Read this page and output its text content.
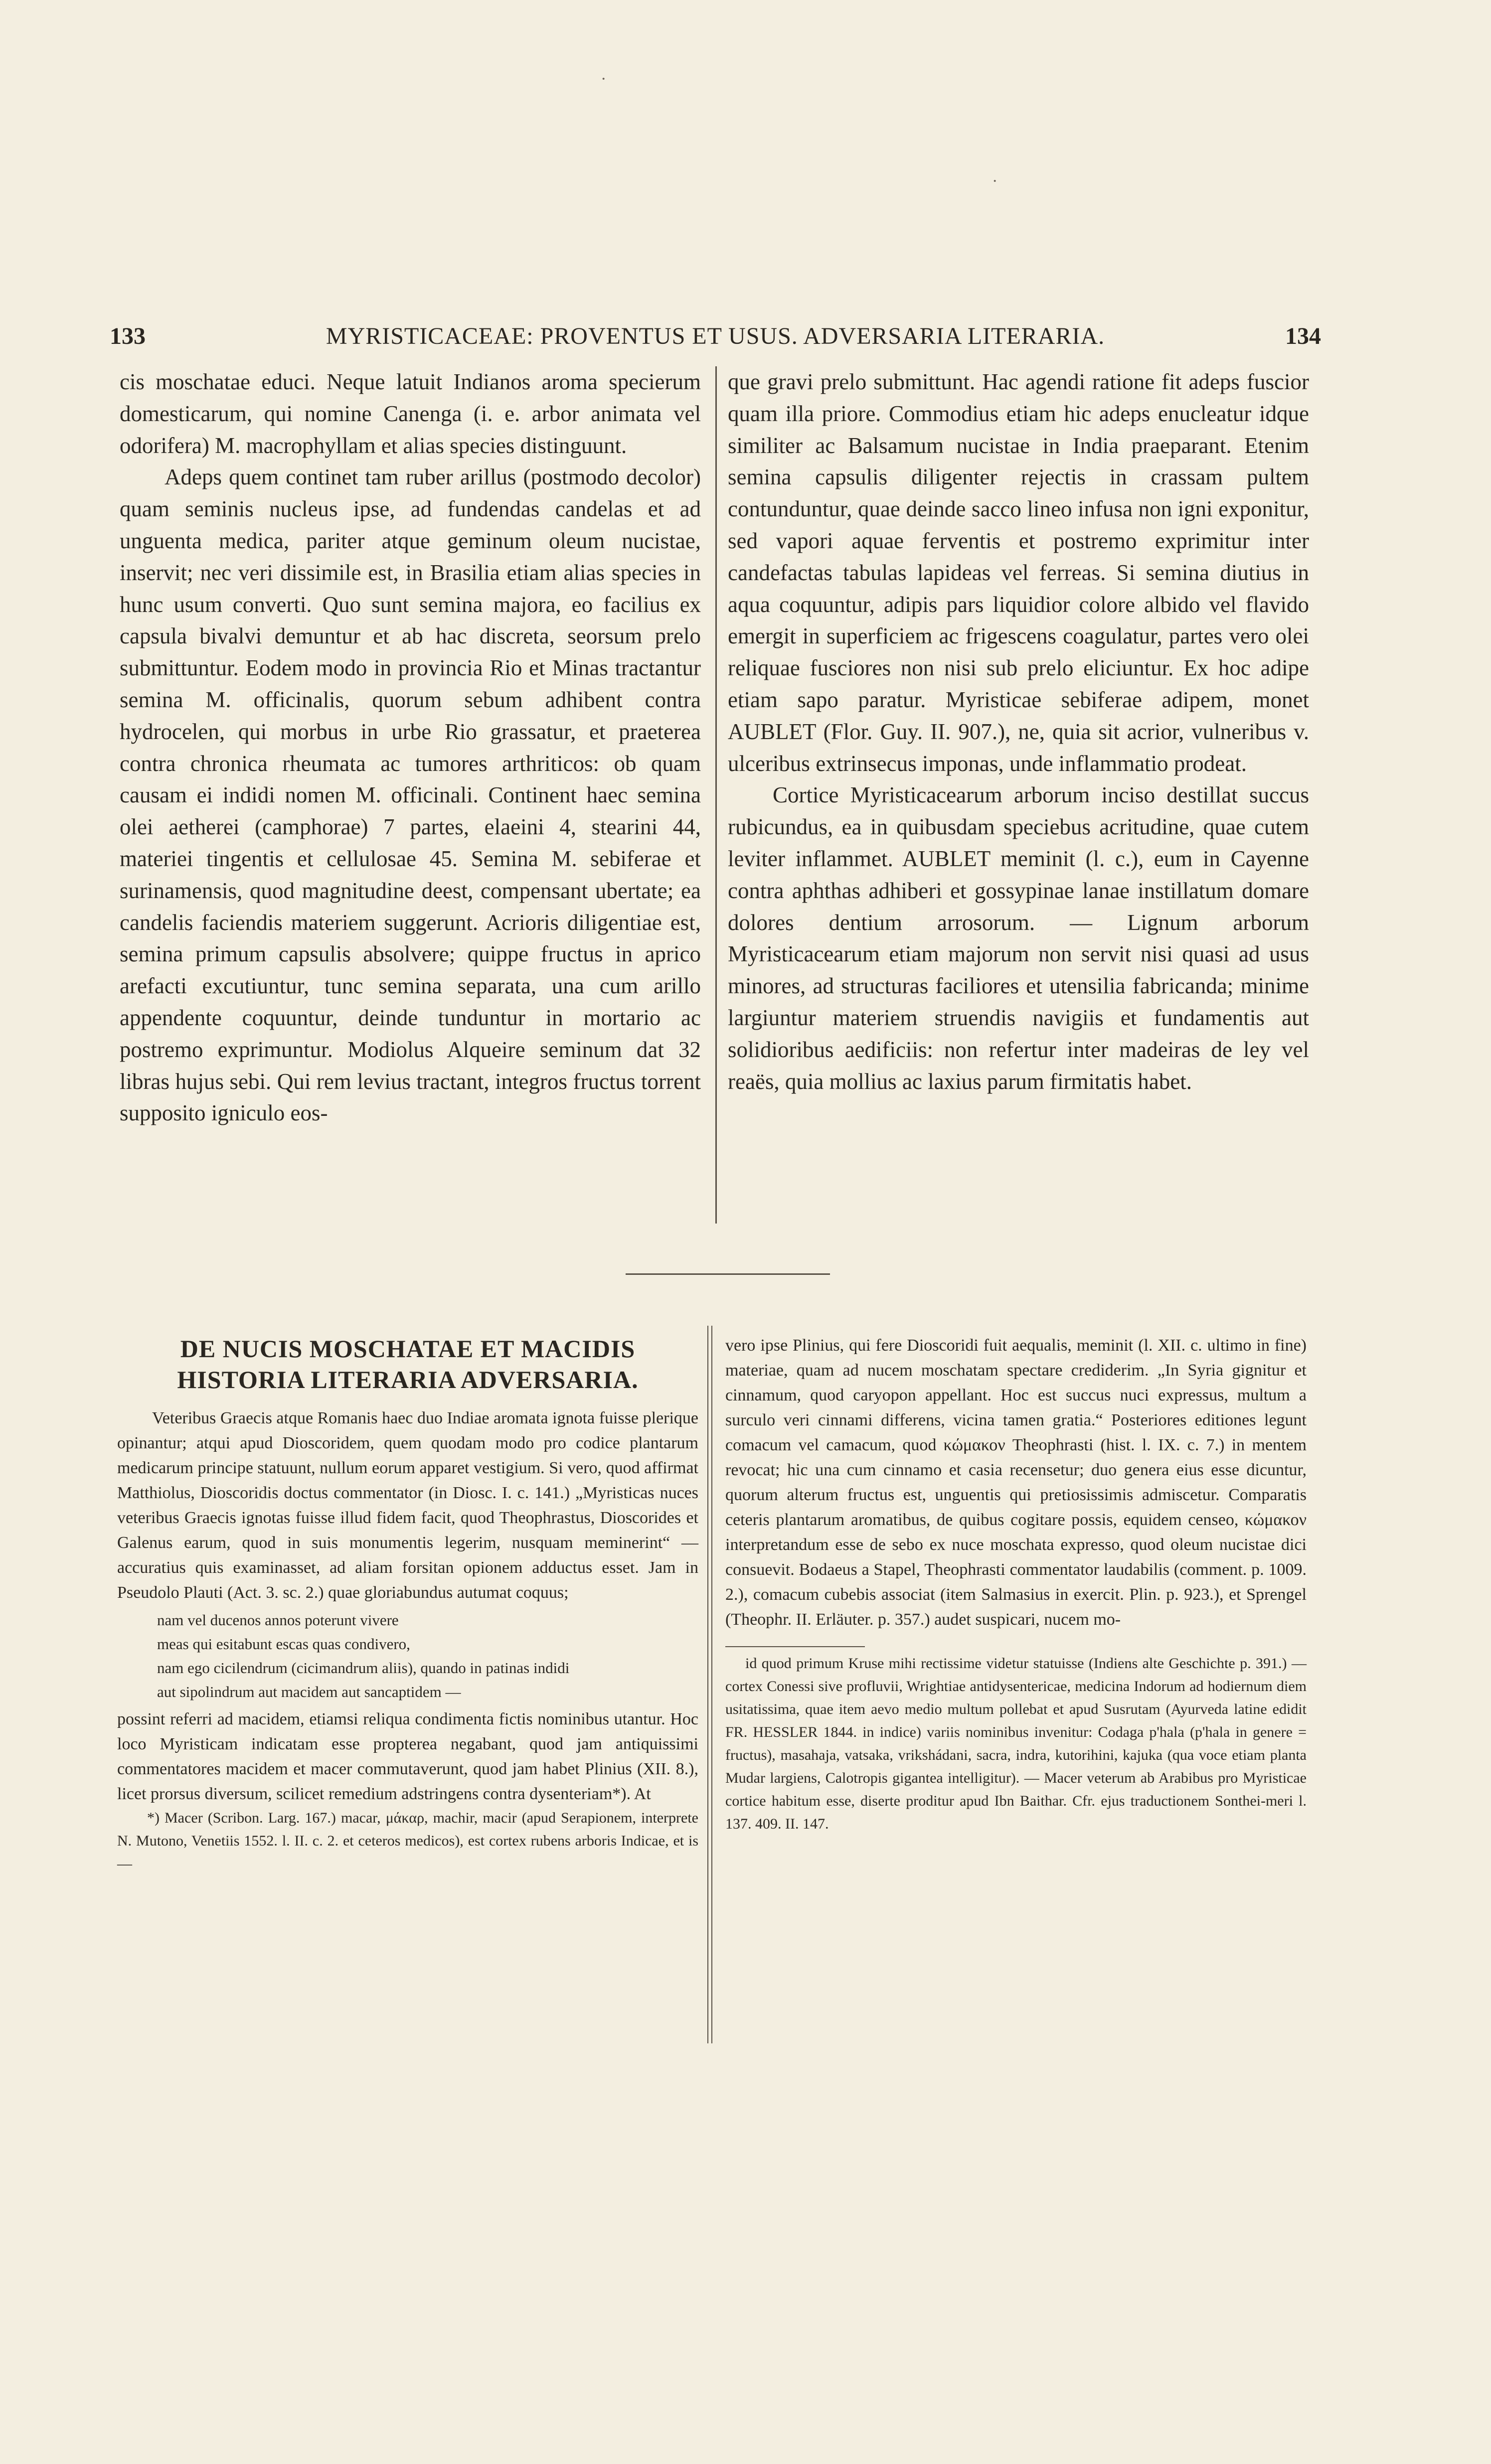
·
·
133	MYRISTICACEAE: PROVENTUS ET USUS. ADVERSARIA LITERARIA.	134

cis moschatae educi. Neque latuit Indianos aroma specierum domesticarum, qui nomine Canenga (i. e. arbor animata vel odorifera) M. macrophyllam et alias species distinguunt.

Adeps quem continet tam ruber arillus (postmodo decolor) quam seminis nucleus ipse, ad fundendas candelas et ad unguenta medica, pariter atque geminum oleum nucistae, inservit; nec veri dissimile est, in Brasilia etiam alias species in hunc usum converti. Quo sunt semina majora, eo facilius ex capsula bivalvi demuntur et ab hac discreta, seorsum prelo submittuntur. Eodem modo in provincia Rio et Minas tractantur semina M. officinalis, quorum sebum adhibent contra hydrocelen, qui morbus in urbe Rio grassatur, et praeterea contra chronica rheumata ac tumores arthriticos: ob quam causam ei indidi nomen M. officinali. Continent haec semina olei aetherei (camphorae) 7 partes, elaeini 4, stearini 44, materiei tingentis et cellulosae 45. Semina M. sebiferae et surinamensis, quod magnitudine deest, compensant ubertate; ea candelis faciendis materiem suggerunt. Acrioris diligentiae est, semina primum capsulis absolvere; quippe fructus in aprico arefacti excutiuntur, tunc semina separata, una cum arillo appendente coquuntur, deinde tunduntur in mortario ac postremo exprimuntur. Modiolus Alqueire seminum dat 32 libras hujus sebi. Qui rem levius tractant, integros fructus torrent supposito igniculo eos-

que gravi prelo submittunt. Hac agendi ratione fit adeps fuscior quam illa priore. Commodius etiam hic adeps enucleatur idque similiter ac Balsamum nucistae in India praeparant. Etenim semina capsulis diligenter rejectis in crassam pultem contunduntur, quae deinde sacco lineo infusa non igni exponitur, sed vapori aquae ferventis et postremo exprimitur inter candefactas tabulas lapideas vel ferreas. Si semina diutius in aqua coquuntur, adipis pars liquidior colore albido vel flavido emergit in superficiem ac frigescens coagulatur, partes vero olei reliquae fusciores non nisi sub prelo eliciuntur. Ex hoc adipe etiam sapo paratur. Myristicae sebiferae adipem, monet AUBLET (Flor. Guy. II. 907.), ne, quia sit acrior, vulneribus v. ulceribus extrinsecus imponas, unde inflammatio prodeat.

Cortice Myristicacearum arborum inciso destillat succus rubicundus, ea in quibusdam speciebus acritudine, quae cutem leviter inflammet. AUBLET meminit (l. c.), eum in Cayenne contra aphthas adhiberi et gossypinae lanae instillatum domare dolores dentium arrosorum. — Lignum arborum Myristicacearum etiam majorum non servit nisi quasi ad usus minores, ad structuras faciliores et utensilia fabricanda; minime largiuntur materiem struendis navigiis et fundamentis aut solidioribus aedificiis: non refertur inter madeiras de ley vel reaës, quia mollius ac laxius parum firmitatis habet.

DE NUCIS MOSCHATAE ET MACIDIS HISTORIA LITERARIA ADVERSARIA.

Veteribus Graecis atque Romanis haec duo Indiae aromata ignota fuisse plerique opinantur; atqui apud Dioscoridem, quem quodam modo pro codice plantarum medicarum principe statuunt, nullum eorum apparet vestigium. Si vero, quod affirmat Matthiolus, Dioscoridis doctus commentator (in Diosc. I. c. 141.) „Myristicas nuces veteribus Graecis ignotas fuisse illud fidem facit, quod Theophrastus, Dioscorides et Galenus earum, quod in suis monumentis legerim, nusquam meminerint“ — accuratius quis examinasset, ad aliam forsitan opionem adductus esset. Jam in Pseudolo Plauti (Act. 3. sc. 2.) quae gloriabundus autumat coquus;

nam vel ducenos annos poterunt vivere
meas qui esitabunt escas quas condivero,
nam ego cicilendrum (cicimandrum aliis), quando in patinas indidi
aut sipolindrum aut macidem aut sancaptidem —

possint referri ad macidem, etiamsi reliqua condimenta fictis nominibus utantur. Hoc loco Myristicam indicatam esse propterea negabant, quod jam antiquissimi commentatores macidem et macer commutaverunt, quod jam habet Plinius (XII. 8.), licet prorsus diversum, scilicet remedium adstringens contra dysenteriam*). At

*) Macer (Scribon. Larg. 167.) macar, μάκαρ, machir, macir (apud Serapionem, interprete N. Mutono, Venetiis 1552. l. II. c. 2. et ceteros medicos), est cortex rubens arboris Indicae, et is —

vero ipse Plinius, qui fere Dioscoridi fuit aequalis, meminit (l. XII. c. ultimo in fine) materiae, quam ad nucem moschatam spectare crediderim. „In Syria gignitur et cinnamum, quod caryopon appellant. Hoc est succus nuci expressus, multum a surculo veri cinnami differens, vicina tamen gratia.“ Posteriores editiones legunt comacum vel camacum, quod κώμακον Theophrasti (hist. l. IX. c. 7.) in mentem revocat; hic una cum cinnamo et casia recensetur; duo genera eius esse dicuntur, quorum alterum fructus est, unguentis qui pretiosissimis admiscetur. Comparatis ceteris plantarum aromatibus, de quibus cogitare possis, equidem censeo, κώμακον interpretandum esse de sebo ex nuce moschata expresso, quod oleum nucistae dici consuevit. Bodaeus a Stapel, Theophrasti commentator laudabilis (comment. p. 1009. 2.), comacum cubebis associat (item Salmasius in exercit. Plin. p. 923.), et Sprengel (Theophr. II. Erläuter. p. 357.) audet suspicari, nucem mo-

id quod primum Kruse mihi rectissime videtur statuisse (Indiens alte Geschichte p. 391.) — cortex Conessi sive profluvii, Wrightiae antidysentericae, medicina Indorum ad hodiernum diem usitatissima, quae item aevo medio multum pollebat et apud Susrutam (Ayurveda latine edidit FR. HESSLER 1844. in indice) variis nominibus invenitur: Codaga p'hala (p'hala in genere = fructus), masahaja, vatsaka, vrikshádani, sacra, indra, kutorihini, kajuka (qua voce etiam planta Mudar largiens, Calotropis gigantea intelligitur). — Macer veterum ab Arabibus pro Myristicae cortice habitum esse, diserte proditur apud Ibn Baithar. Cfr. ejus traductionem Sonthei-meri l. 137. 409. II. 147.
